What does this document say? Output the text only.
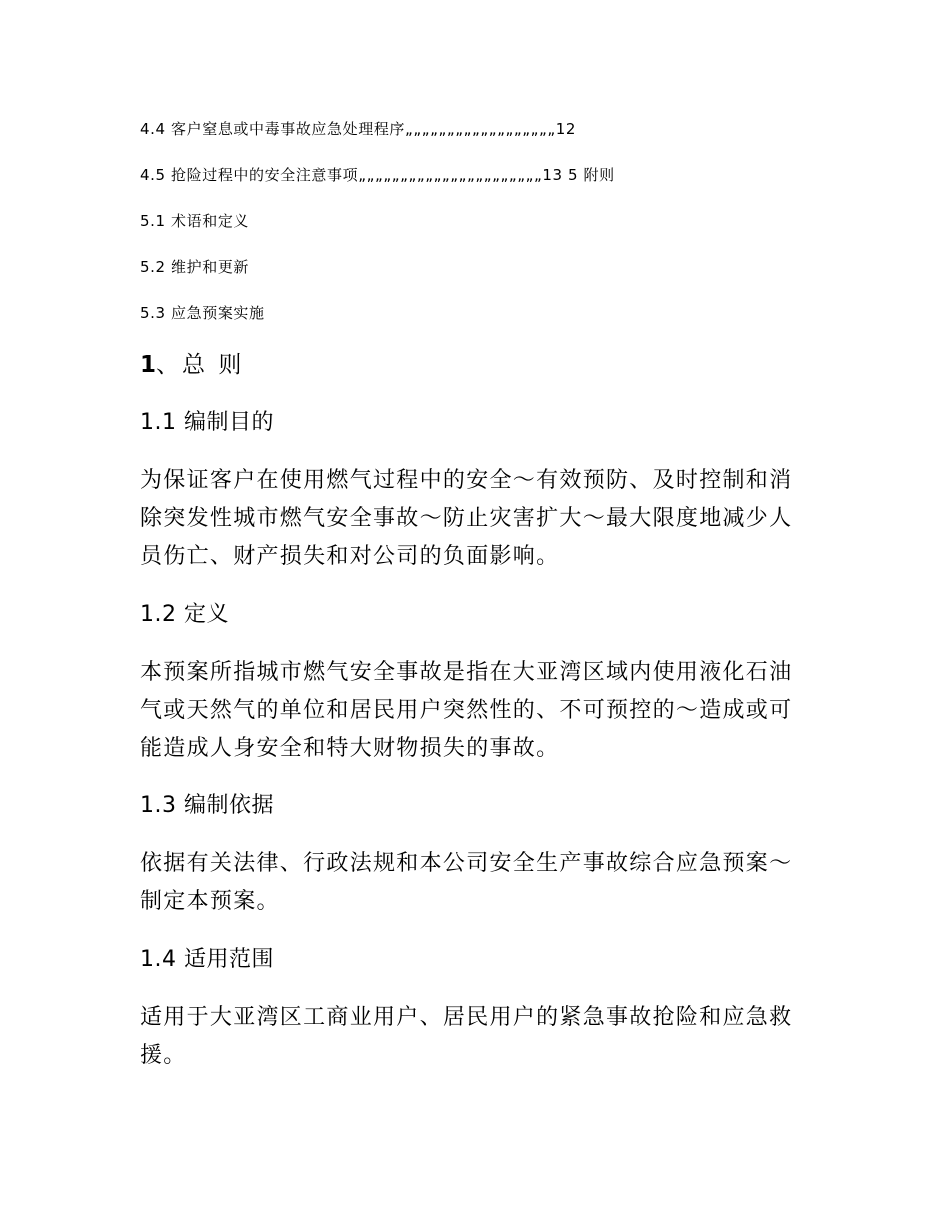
4.4 客户窒息或中毒事故应急处理程序„„„„„„„„„„„„„„„„„„12

4.5 抢险过程中的安全注意事项„„„„„„„„„„„„„„„„„„„„„„13 5 附则

5.1 术语和定义

5.2 维护和更新

5.3 应急预案实施

1、总 则
1.1 编制目的

为保证客户在使用燃气过程中的安全～有效预防、及时控制和消除突发性城市燃气安全事故～防止灾害扩大～最大限度地减少人员伤亡、财产损失和对公司的负面影响。

1.2 定义

本预案所指城市燃气安全事故是指在大亚湾区域内使用液化石油气或天然气的单位和居民用户突然性的、不可预控的～造成或可能造成人身安全和特大财物损失的事故。

1.3 编制依据

依据有关法律、行政法规和本公司安全生产事故综合应急预案～制定本预案。

1.4 适用范围

适用于大亚湾区工商业用户、居民用户的紧急事故抢险和应急救援。
